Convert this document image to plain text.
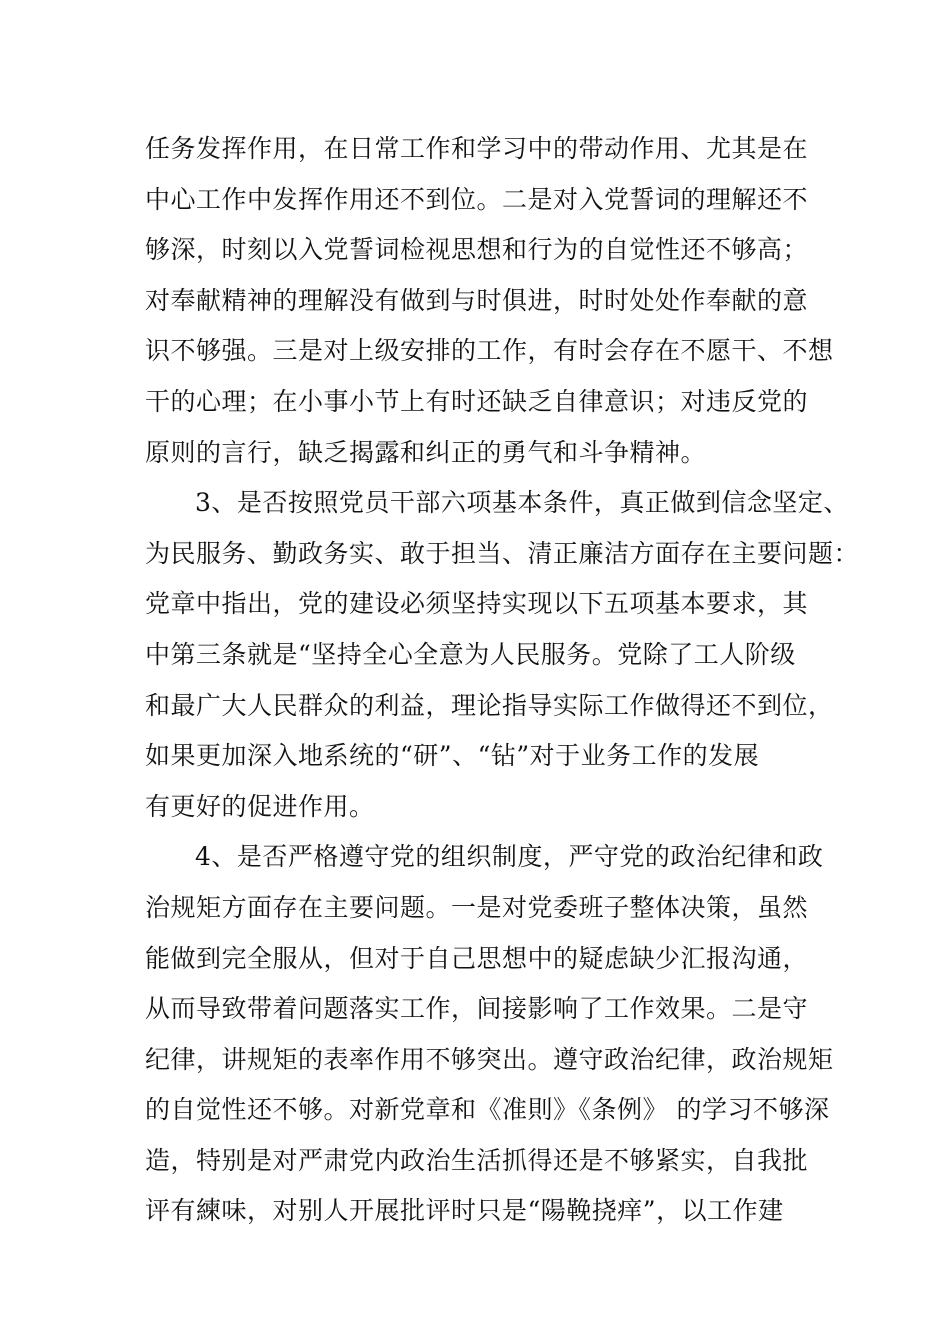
任务发挥作用，在日常工作和学习中的带动作用、尤其是在
中心工作中发挥作用还不到位。二是对入党誓词的理解还不
够深，时刻以入党誓词检视思想和行为的自觉性还不够高；
对奉献精神的理解没有做到与时俱进，时时处处作奉献的意
识不够强。三是对上级安排的工作，有时会存在不愿干、不想
干的心理；在小事小节上有时还缺乏自律意识；对违反党的
原则的言行，缺乏揭露和纠正的勇气和斗争精神。
3、是否按照党员干部六项基本条件，真正做到信念坚定、
为民服务、勤政务实、敢于担当、清正廉洁方面存在主要问题：
党章中指出，党的建设必须坚持实现以下五项基本要求，其
中第三条就是“坚持全心全意为人民服务。党除了工人阶级
和最广大人民群众的利益，理论指导实际工作做得还不到位，
如果更加深入地系统的“研”、“钻”对于业务工作的发展
有更好的促进作用。
4、是否严格遵守党的组织制度，严守党的政治纪律和政
治规矩方面存在主要问题。一是对党委班子整体决策，虽然
能做到完全服从，但对于自己思想中的疑虑缺少汇报沟通，
从而导致带着问题落实工作，间接影响了工作效果。二是守
纪律，讲规矩的表率作用不够突出。遵守政治纪律，政治规矩
的自觉性还不够。对新党章和《准則》《条例》 的学习不够深
造，特别是对严肃党内政治生活抓得还是不够紧实，自我批
评有練味，对别人开展批评时只是“陽鞔挠痒”，以工作建
